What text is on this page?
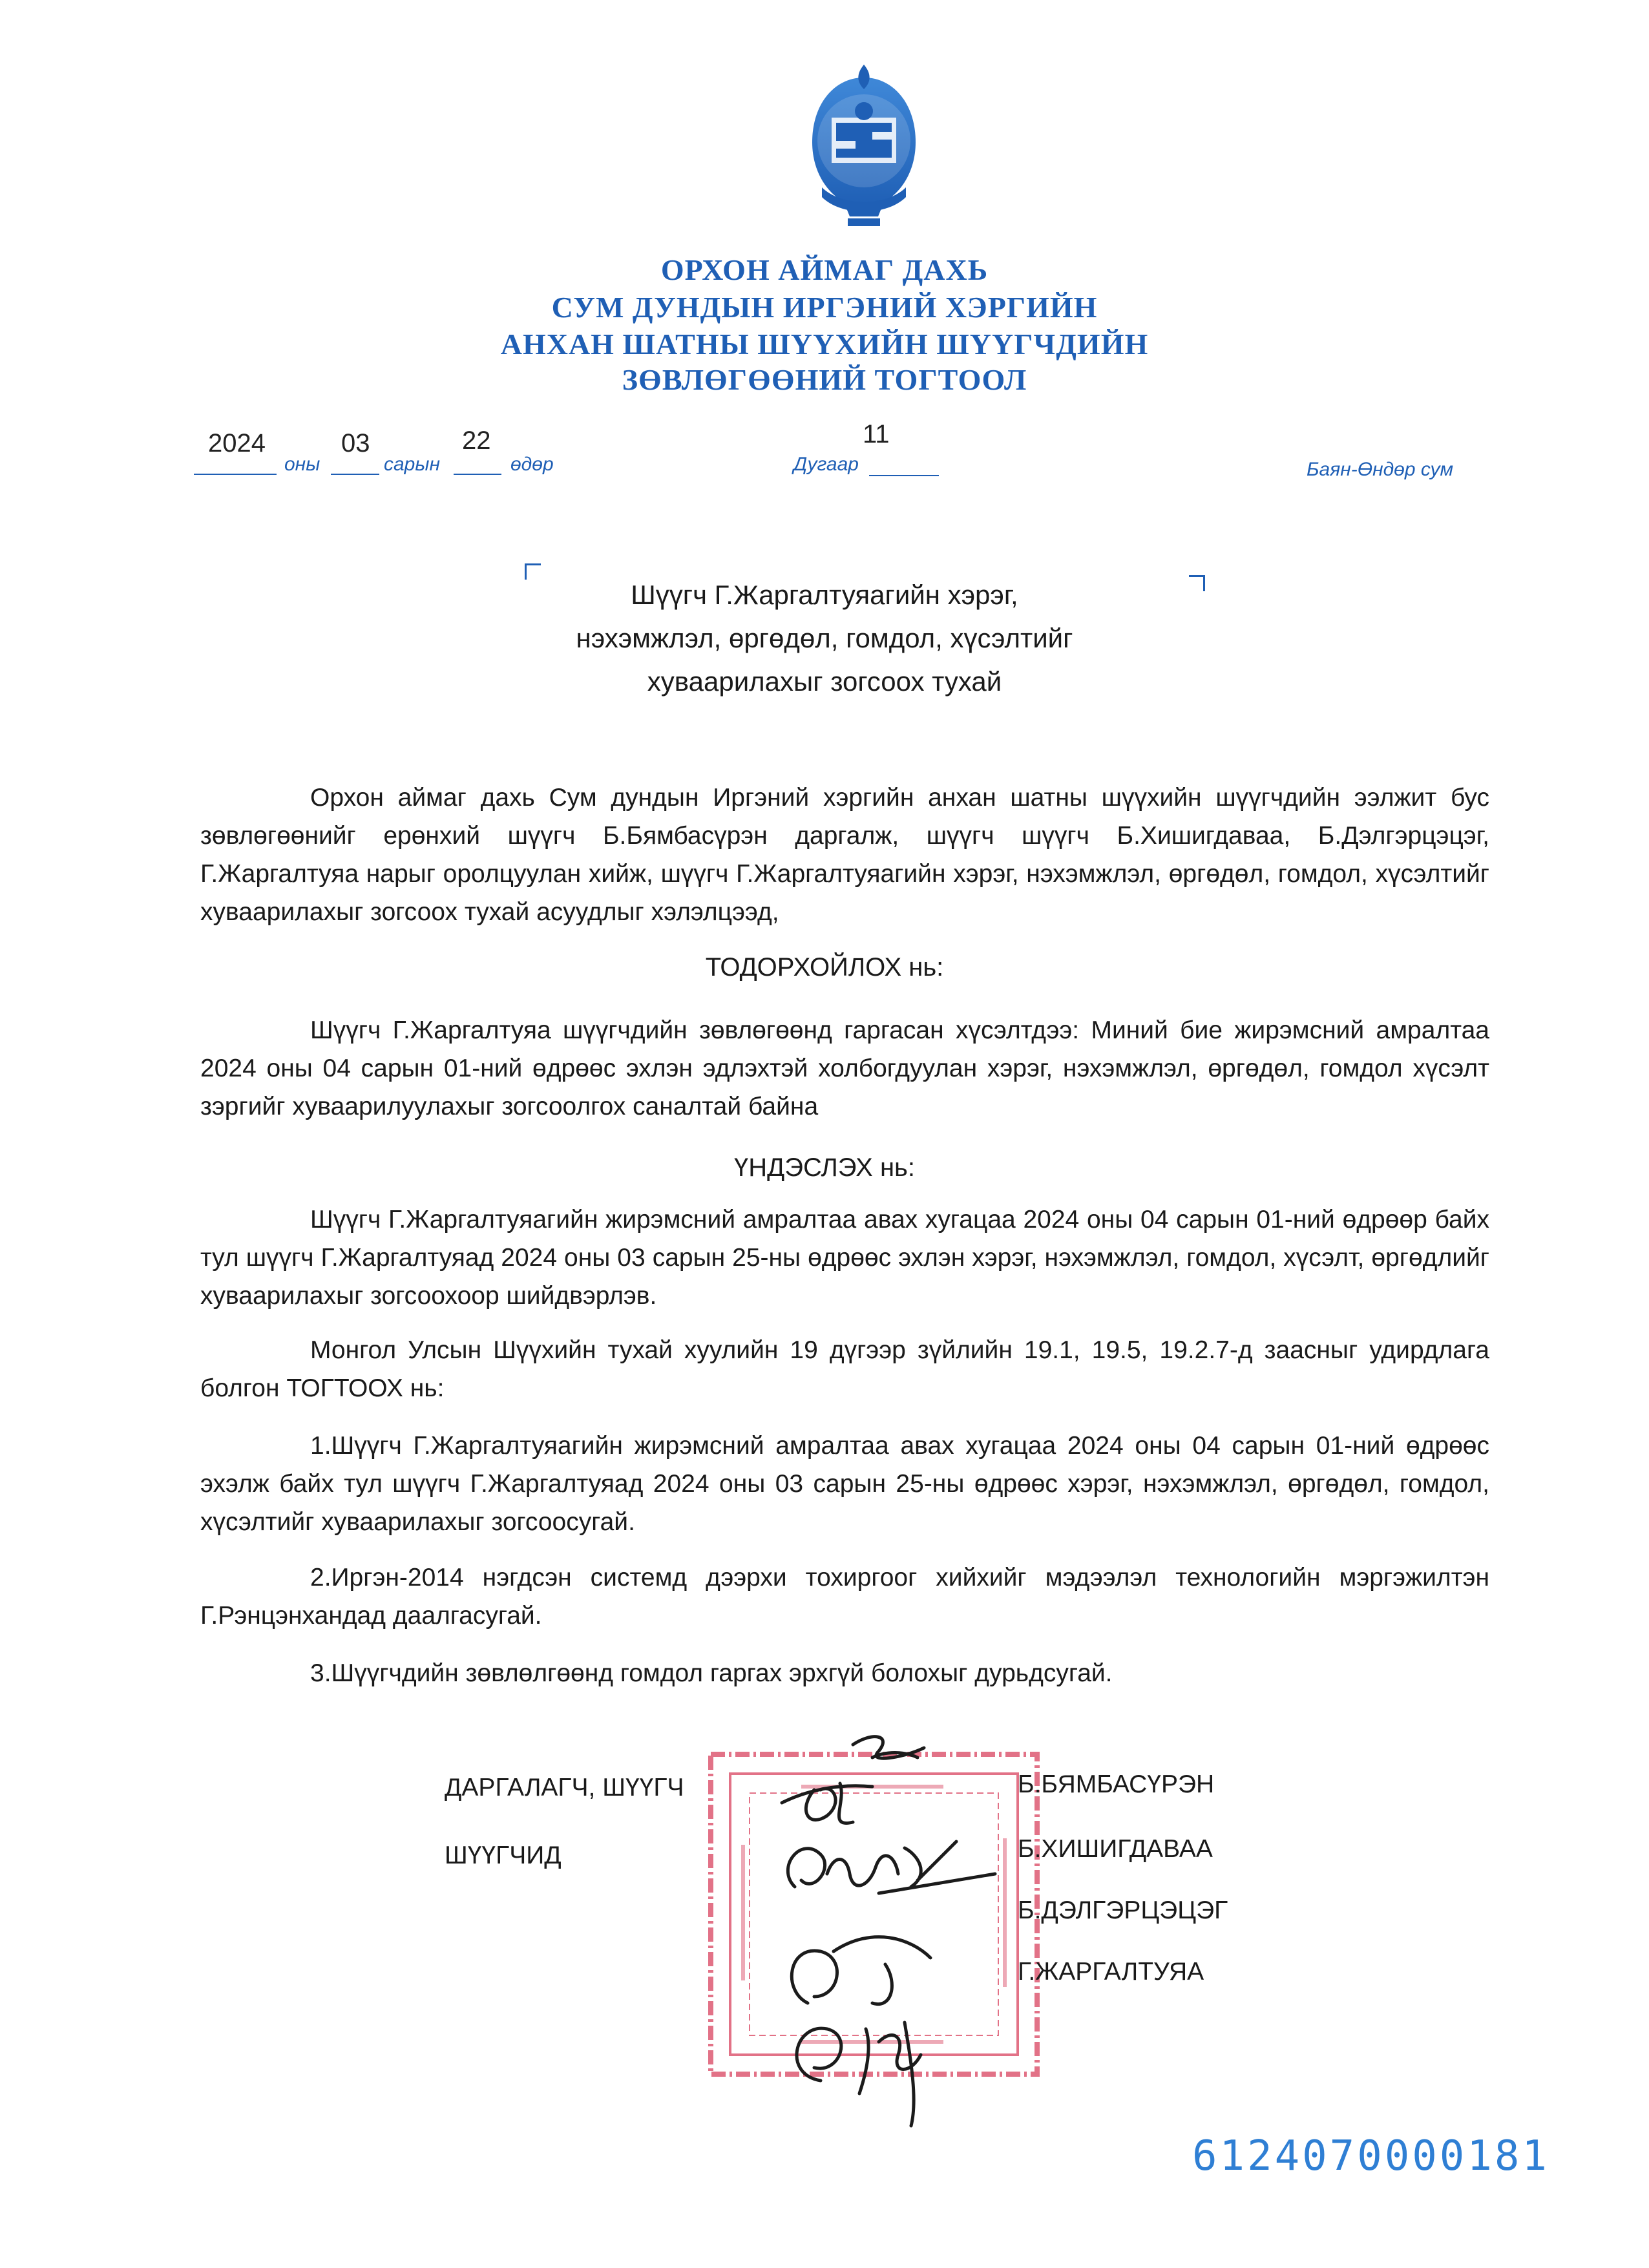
ОРХОН АЙМАГ ДАХЬ
СУМ ДУНДЫН ИРГЭНИЙ ХЭРГИЙН
АНХАН ШАТНЫ ШҮҮХИЙН ШҮҮГЧДИЙН
ЗӨВЛӨГӨӨНИЙ ТОГТООЛ
2024
оны
03
сарын
22
өдөр
11
Дугаар	Баян-Өндөр сум
Шүүгч Г.Жаргалтуяагийн хэрэг,
нэхэмжлэл, өргөдөл, гомдол, хүсэлтийг
хуваарилахыг зогсоох тухай
Орхон аймаг дахь Сум дундын Иргэний хэргийн анхан шатны шүүхийн шүүгчдийн ээлжит бус зөвлөгөөнийг ерөнхий шүүгч Б.Бямбасүрэн даргалж, шүүгч шүүгч Б.Хишигдаваа, Б.Дэлгэрцэцэг, Г.Жаргалтуяа нарыг оролцуулан хийж, шүүгч Г.Жаргалтуяагийн хэрэг, нэхэмжлэл, өргөдөл, гомдол, хүсэлтийг хуваарилахыг зогсоох тухай асуудлыг хэлэлцээд,
ТОДОРХОЙЛОХ нь:
Шүүгч Г.Жаргалтуяа шүүгчдийн зөвлөгөөнд гаргасан хүсэлтдээ: Миний бие жирэмсний амралтаа 2024 оны 04 сарын 01-ний өдрөөс эхлэн эдлэхтэй холбогдуулан хэрэг, нэхэмжлэл, өргөдөл, гомдол хүсэлт зэргийг хуваарилуулахыг зогсоолгох саналтай байна
ҮНДЭСЛЭХ нь:
Шүүгч Г.Жаргалтуяагийн жирэмсний амралтаа авах хугацаа 2024 оны 04 сарын 01-ний өдрөөр байх тул шүүгч Г.Жаргалтуяад 2024 оны 03 сарын 25-ны өдрөөс эхлэн хэрэг, нэхэмжлэл, гомдол, хүсэлт, өргөдлийг хуваарилахыг зогсоохоор шийдвэрлэв.
Монгол Улсын Шүүхийн тухай хуулийн 19 дүгээр зүйлийн 19.1, 19.5, 19.2.7-д заасныг удирдлага болгон ТОГТООХ нь:
1.Шүүгч Г.Жаргалтуяагийн жирэмсний амралтаа авах хугацаа 2024 оны 04 сарын 01-ний өдрөөс эхэлж байх тул шүүгч Г.Жаргалтуяад 2024 оны 03 сарын 25-ны өдрөөс хэрэг, нэхэмжлэл, өргөдөл, гомдол, хүсэлтийг хуваарилахыг зогсоосугай.
2.Иргэн-2014 нэгдсэн системд дээрхи тохиргоог хийхийг мэдээлэл технологийн мэргэжилтэн Г.Рэнцэнхандад даалгасугай.
3.Шүүгчдийн зөвлөлгөөнд гомдол гаргах эрхгүй болохыг дурьдсугай.
ДАРГАЛАГЧ, ШҮҮГЧ
ШҮҮГЧИД
Б.БЯМБАСҮРЭН
Б.ХИШИГДАВАА
Б.ДЭЛГЭРЦЭЦЭГ
Г.ЖАРГАЛТУЯА
6124070000181
